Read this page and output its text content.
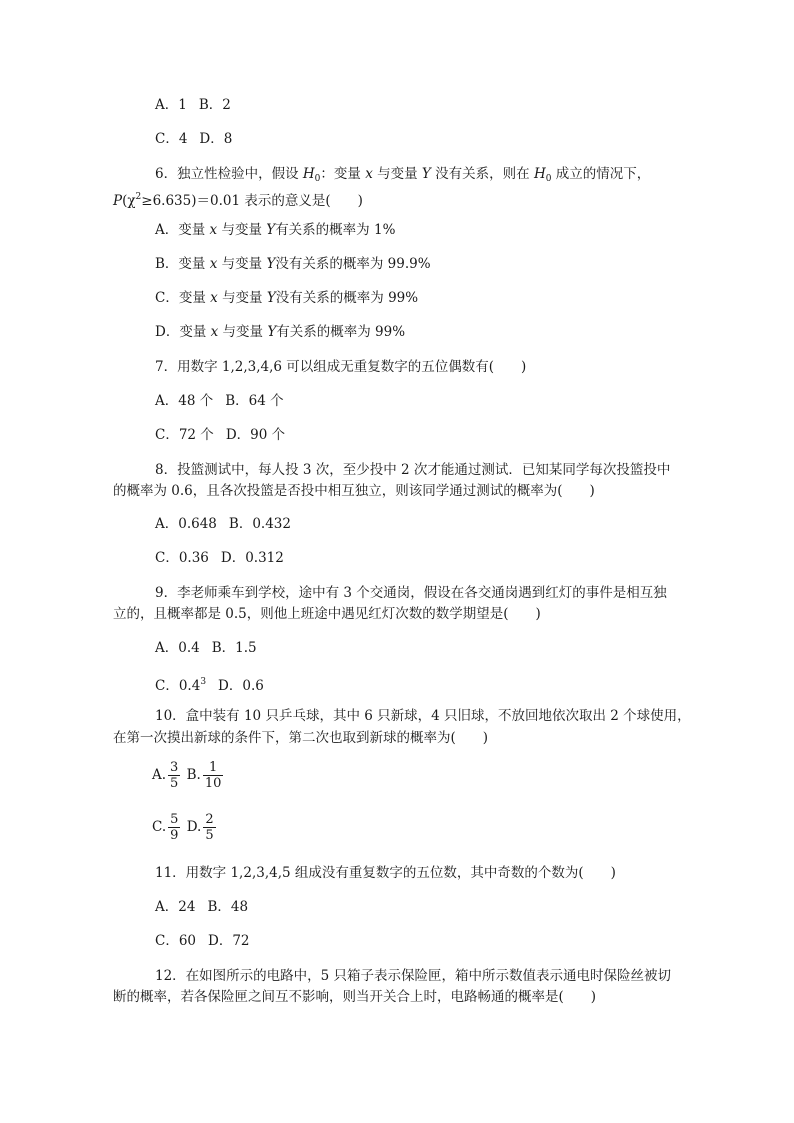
A．1 B．2
C．4 D．8
6．独立性检验中，假设 $H_0$：变量 x 与变量 Y 没有关系，则在 $H_0$ 成立的情况下，
$P(\chi^2\ge 6.635)=0.01$ 表示的意义是(　　)
A．变量 x 与变量 Y有关系的概率为 1%
B．变量 x 与变量 Y没有关系的概率为 99.9%
C．变量 x 与变量 Y没有关系的概率为 99%
D．变量 x 与变量 Y有关系的概率为 99%
7．用数字 1,2,3,4,6 可以组成无重复数字的五位偶数有(　　)
A．48 个 B．64 个
C．72 个 D．90 个
8．投篮测试中，每人投 3 次，至少投中 2 次才能通过测试．已知某同学每次投篮投中
的概率为 0.6，且各次投篮是否投中相互独立，则该同学通过测试的概率为(　　)
A．0.648 B．0.432
C．0.36 D．0.312
9．李老师乘车到学校，途中有 3 个交通岗，假设在各交通岗遇到红灯的事件是相互独
立的，且概率都是 0.5，则他上班途中遇见红灯次数的数学期望是(　　)
A．0.4 B．1.5
C．$0.4^3$ D．0.6
10．盒中装有 10 只乒乓球，其中 6 只新球，4 只旧球，不放回地依次取出 2 个球使用，
在第一次摸出新球的条件下，第二次也取到新球的概率为(　　)
A. $\frac{3}{5} B$. $\frac{1}{10}$
C. $\frac{5}{9} D$. $\frac{2}{5}$
11．用数字 1,2,3,4,5 组成没有重复数字的五位数，其中奇数的个数为(　　)
A．24 B．48
C．60 D．72
12．在如图所示的电路中，5 只箱子表示保险匣，箱中所示数值表示通电时保险丝被切
断的概率，若各保险匣之间互不影响，则当开关合上时，电路畅通的概率是(　　)
